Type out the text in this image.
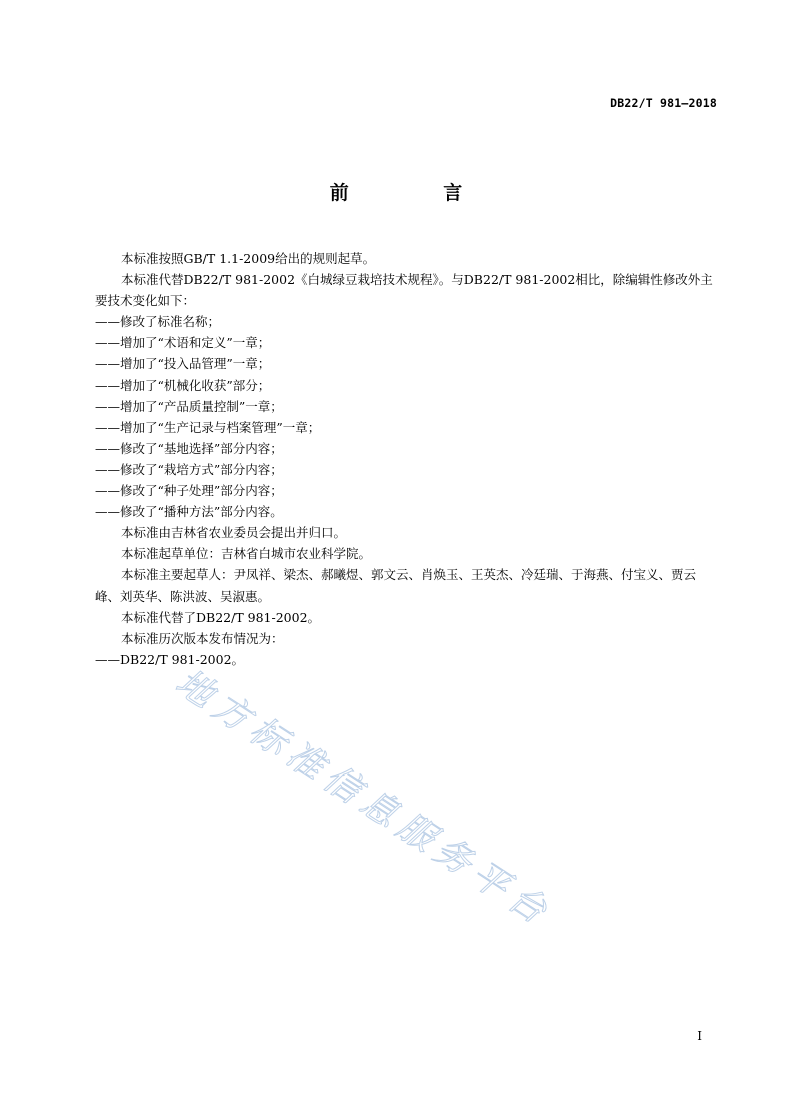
DB22/T 981—2018
前 言

本标准按照GB/T 1.1-2009给出的规则起草。

本标准代替DB22/T 981-2002《白城绿豆栽培技术规程》。与DB22/T 981-2002相比，除编辑性修改外主要技术变化如下：

——修改了标准名称；

——增加了“术语和定义”一章；

——增加了“投入品管理”一章；

——增加了“机械化收获”部分；

——增加了“产品质量控制”一章；

——增加了“生产记录与档案管理”一章；

——修改了“基地选择”部分内容；

——修改了“栽培方式”部分内容；

——修改了“种子处理”部分内容；

——修改了“播种方法”部分内容。

本标准由吉林省农业委员会提出并归口。

本标准起草单位：吉林省白城市农业科学院。

本标准主要起草人：尹凤祥、梁杰、郝曦煜、郭文云、肖焕玉、王英杰、冷廷瑞、于海燕、付宝义、贾云峰、刘英华、陈洪波、吴淑惠。

本标准代替了DB22/T 981-2002。

本标准历次版本发布情况为：

——DB22/T 981-2002。

地方标准信息服务平台
I
